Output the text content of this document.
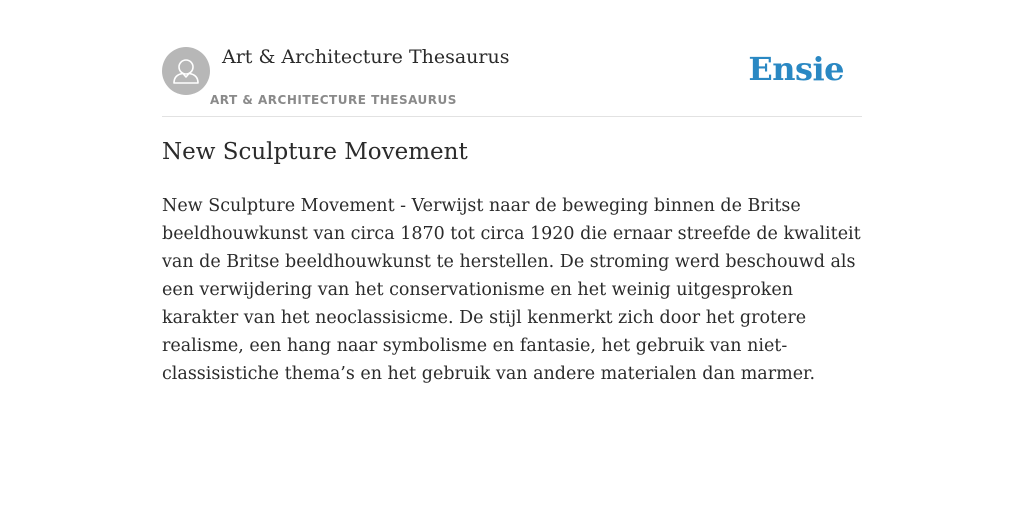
Art & Architecture Thesaurus
ART & ARCHITECTURE THESAURUS
Ensie
New Sculpture Movement

New Sculpture Movement - Verwijst naar de beweging binnen de Britse beeldhouwkunst van circa 1870 tot circa 1920 die ernaar streefde de kwaliteit van de Britse beeldhouwkunst te herstellen. De stroming werd beschouwd als een verwijdering van het conservationisme en het weinig uitgesproken karakter van het neoclassisicme. De stijl kenmerkt zich door het grotere realisme, een hang naar symbolisme en fantasie, het gebruik van niet-classisistiche thema’s en het gebruik van andere materialen dan marmer.
